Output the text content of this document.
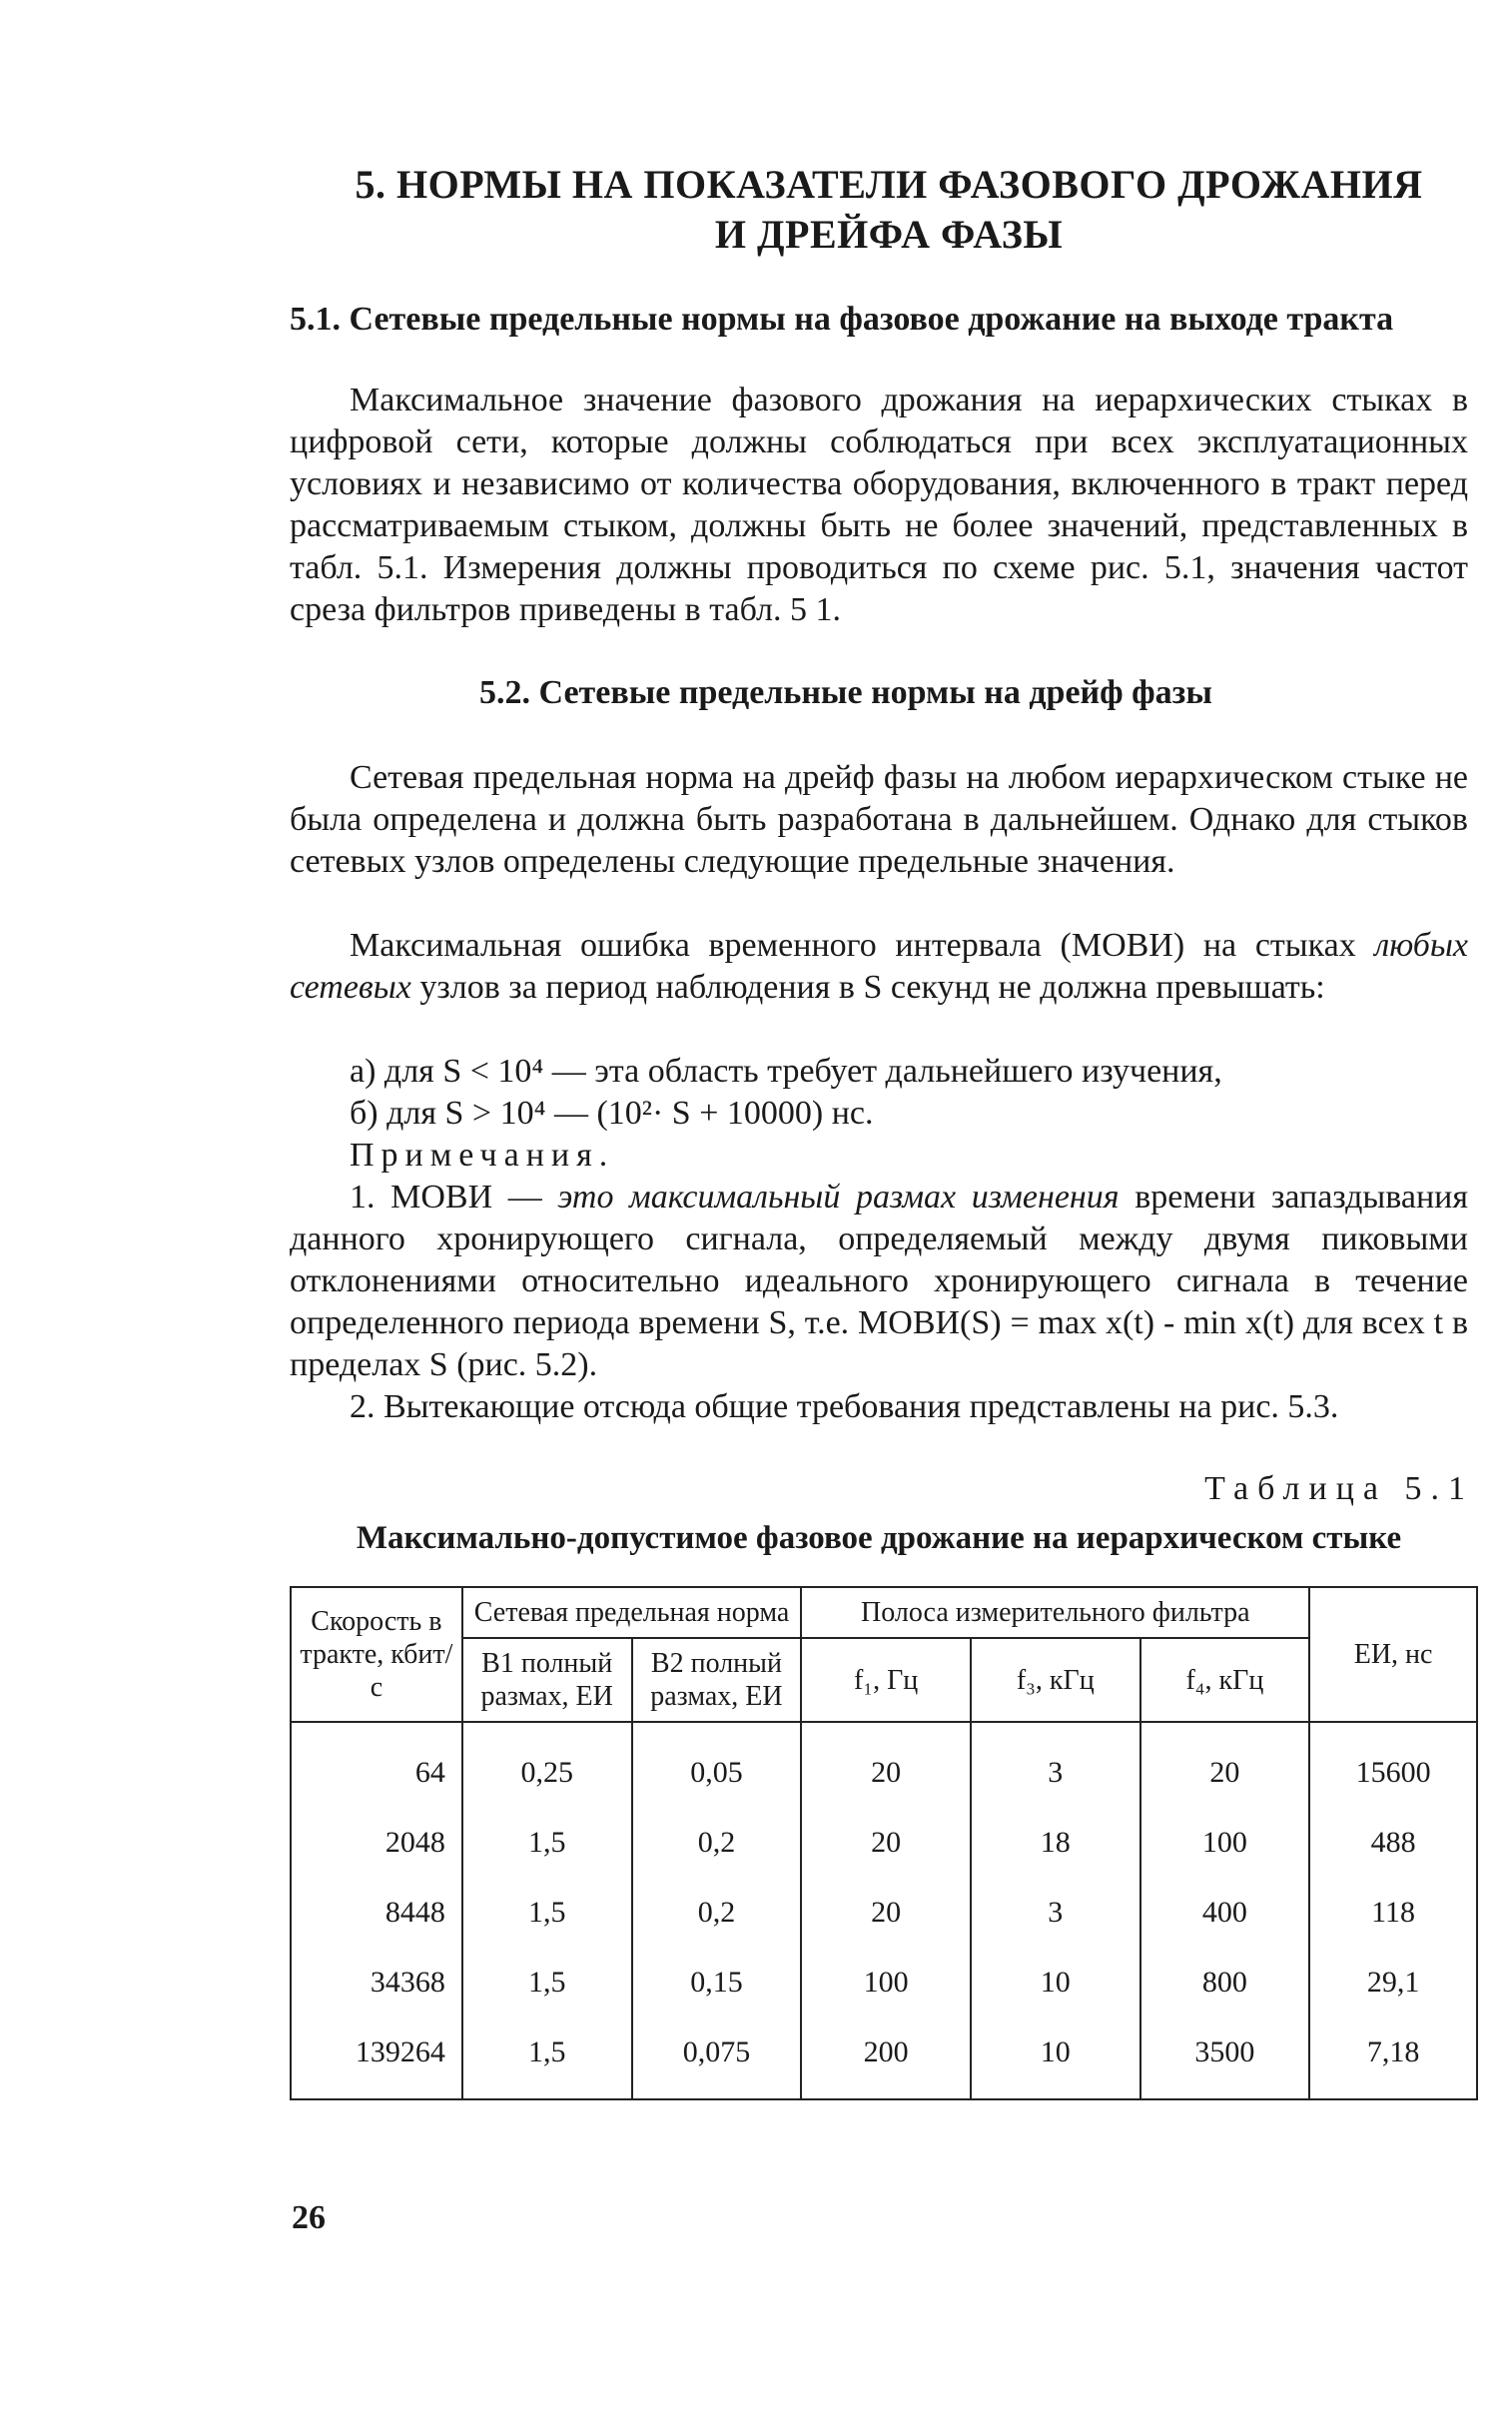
5. НОРМЫ НА ПОКАЗАТЕЛИ ФАЗОВОГО ДРОЖАНИЯ
И ДРЕЙФА ФАЗЫ
5.1. Сетевые предельные нормы на фазовое дрожание на выходе тракта
Максимальное значение фазового дрожания на иерархических стыках в цифровой сети, которые должны соблюдаться при всех эксплуатационных условиях и независимо от количества оборудования, включенного в тракт перед рассматриваемым стыком, должны быть не более значений, представленных в табл. 5.1. Измерения должны проводиться по схеме рис. 5.1, значения частот среза фильтров приведены в табл. 5 1.
5.2. Сетевые предельные нормы на дрейф фазы
Сетевая предельная норма на дрейф фазы на любом иерархическом стыке не была определена и должна быть разработана в дальнейшем. Однако для стыков сетевых узлов определены следующие предельные значения.
Максимальная ошибка временного интервала (МОВИ) на стыках любых сетевых узлов за период наблюдения в S секунд не должна превышать:
а) для S < 10⁴ — эта область требует дальнейшего изучения,
б) для S > 10⁴ — (10²· S + 10000) нс.
Примечания.
1. МОВИ — это максимальный размах изменения времени запаздывания данного хронирующего сигнала, определяемый между двумя пиковыми отклонениями относительно идеального хронирующего сигнала в течение определенного периода времени S, т.е. МОВИ(S) = max x(t) - min x(t) для всех t в пределах S (рис. 5.2).
2. Вытекающие отсюда общие требования представлены на рис. 5.3.
Таблица 5.1
Максимально-допустимое фазовое дрожание на иерархическом стыке
Скорость в тракте, кбит/с	Сетевая предельная норма		Полоса измерительного фильтра			ЕИ, нс
	B1 полный размах, ЕИ	B2 полный размах, ЕИ	f₁, Гц	f₃, кГц	f₄, кГц	
64	0,25	0,05	20	3	20	15600
2048	1,5	0,2	20	18	100	488
8448	1,5	0,2	20	3	400	118
34368	1,5	0,15	100	10	800	29,1
139264	1,5	0,075	200	10	3500	7,18
26
